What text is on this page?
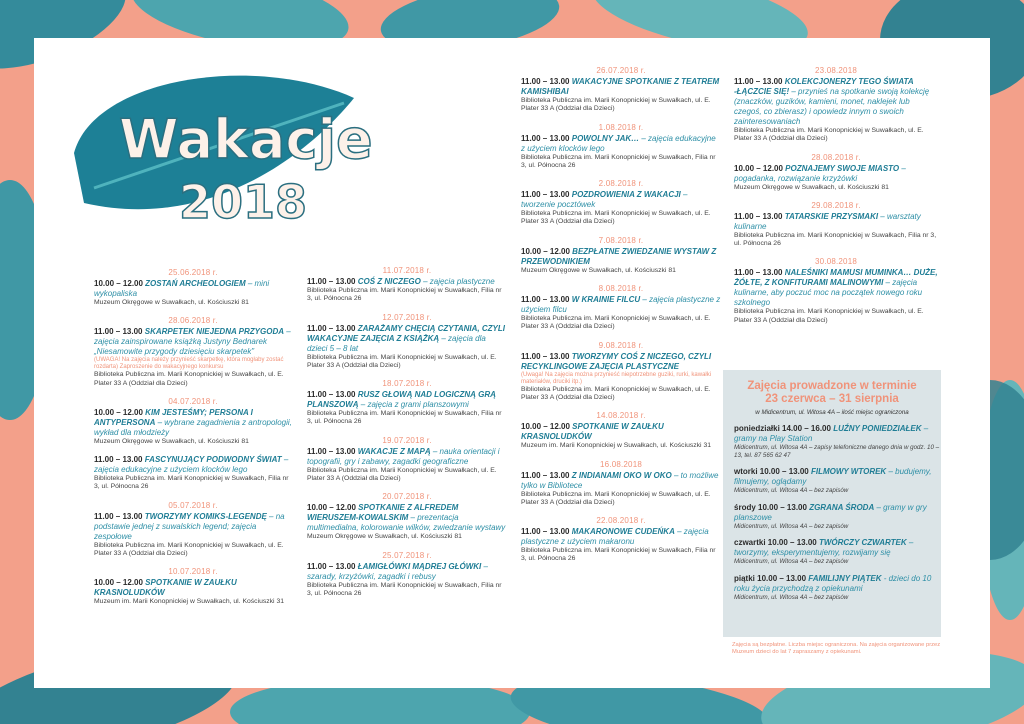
Wakacje
2018
25.06.2018 r.
10.00 – 12.00 ZOSTAŃ ARCHEOLOGIEM – mini wykopaliska
Muzeum Okręgowe w Suwałkach, ul. Kościuszki 81
28.06.2018 r.
11.00 – 13.00 SKARPETEK NIEJEDNA PRZYGODA – zajęcia zainspirowane książką Justyny Bednarek „Niesamowite przygody dziesięciu skarpetek”
(UWAGA! Na zajęcia należy przynieść skarpetkę, która mogłaby zostać rozdarta) Zaproszenie do wakacyjnego konkursu
Biblioteka Publiczna im. Marii Konopnickiej w Suwałkach, ul. E. Plater 33 A (Oddział dla Dzieci)
04.07.2018 r.
10.00 – 12.00 KIM JESTEŚMY; PERSONA I ANTYPERSONA – wybrane zagadnienia z antropologii, wykład dla młodzieży
Muzeum Okręgowe w Suwałkach, ul. Kościuszki 81
11.00 – 13.00 FASCYNUJĄCY PODWODNY ŚWIAT – zajęcia edukacyjne z użyciem klocków lego
Biblioteka Publiczna im. Marii Konopnickiej w Suwałkach, Filia nr 3, ul. Północna 26
05.07.2018 r.
11.00 – 13.00 TWORZYMY KOMIKS-LEGENDĘ – na podstawie jednej z suwalskich legend; zajęcia zespołowe
Biblioteka Publiczna im. Marii Konopnickiej w Suwałkach, ul. E. Plater 33 A (Oddział dla Dzieci)
10.07.2018 r.
10.00 – 12.00 SPOTKANIE W ZAUŁKU KRASNOLUDKÓW
Muzeum im. Marii Konopnickiej w Suwałkach, ul. Kościuszki 31
11.07.2018 r.
11.00 – 13.00 COŚ Z NICZEGO – zajęcia plastyczne
Biblioteka Publiczna im. Marii Konopnickiej w Suwałkach, Filia nr 3, ul. Północna 26
12.07.2018 r.
11.00 – 13.00 ZARAŻAMY CHĘCIĄ CZYTANIA, CZYLI WAKACYJNE ZAJĘCIA Z KSIĄŻKĄ – zajęcia dla dzieci 5 – 8 lat
Biblioteka Publiczna im. Marii Konopnickiej w Suwałkach, ul. E. Plater 33 A (Oddział dla Dzieci)
18.07.2018 r.
11.00 – 13.00 RUSZ GŁOWĄ NAD LOGICZNĄ GRĄ PLANSZOWĄ – zajęcia z grami planszowymi
Biblioteka Publiczna im. Marii Konopnickiej w Suwałkach, Filia nr 3, ul. Północna 26
19.07.2018 r.
11.00 – 13.00 WAKACJE Z MAPĄ – nauka orientacji i topografii, gry i zabawy, zagadki geograficzne
Biblioteka Publiczna im. Marii Konopnickiej w Suwałkach, ul. E. Plater 33 A (Oddział dla Dzieci)
20.07.2018 r.
10.00 – 12.00 SPOTKANIE Z ALFREDEM WIERUSZEM-KOWALSKIM – prezentacja multimedialna, kolorowanie wilków, zwiedzanie wystawy
Muzeum Okręgowe w Suwałkach, ul. Kościuszki 81
25.07.2018 r.
11.00 – 13.00 ŁAMIGŁÓWKI MĄDREJ GŁÓWKI – szarady, krzyżówki, zagadki i rebusy
Biblioteka Publiczna im. Marii Konopnickiej w Suwałkach, Filia nr 3, ul. Północna 26
26.07.2018 r.
11.00 – 13.00 WAKACYJNE SPOTKANIE Z TEATREM KAMISHIBAI
Biblioteka Publiczna im. Marii Konopnickiej w Suwałkach, ul. E. Plater 33 A (Oddział dla Dzieci)
1.08.2018 r.
11.00 – 13.00 POWOLNY JAK… – zajęcia edukacyjne z użyciem klocków lego
Biblioteka Publiczna im. Marii Konopnickiej w Suwałkach, Filia nr 3, ul. Północna 26
2.08.2018 r.
11.00 – 13.00 POZDROWIENIA Z WAKACJI – tworzenie pocztówek
Biblioteka Publiczna im. Marii Konopnickiej w Suwałkach, ul. E. Plater 33 A (Oddział dla Dzieci)
7.08.2018 r.
10.00 – 12.00 BEZPŁATNE ZWIEDZANIE WYSTAW Z PRZEWODNIKIEM
Muzeum Okręgowe w Suwałkach, ul. Kościuszki 81
8.08.2018 r.
11.00 – 13.00 W KRAINIE FILCU – zajęcia plastyczne z użyciem filcu
Biblioteka Publiczna im. Marii Konopnickiej w Suwałkach, ul. E. Plater 33 A (Oddział dla Dzieci)
9.08.2018 r.
11.00 – 13.00 TWORZYMY COŚ Z NICZEGO, CZYLI RECYKLINGOWE ZAJĘCIA PLASTYCZNE
(Uwaga! Na zajęcia można przynieść niepotrzebne guziki, rurki, kawałki materiałów, druciki itp.)
Biblioteka Publiczna im. Marii Konopnickiej w Suwałkach, ul. E. Plater 33 A (Oddział dla Dzieci)
14.08.2018 r.
10.00 – 12.00 SPOTKANIE W ZAUŁKU KRASNOLUDKÓW
Muzeum im. Marii Konopnickiej w Suwałkach, ul. Kościuszki 31
16.08.2018
11.00 – 13.00 Z INDIANAMI OKO W OKO – to możliwe tylko w Bibliotece
Biblioteka Publiczna im. Marii Konopnickiej w Suwałkach, ul. E. Plater 33 A (Oddział dla Dzieci)
22.08.2018 r.
11.00 – 13.00 MAKARONOWE CUDEŃKA – zajęcia plastyczne z użyciem makaronu
Biblioteka Publiczna im. Marii Konopnickiej w Suwałkach, Filia nr 3, ul. Północna 26
23.08.2018
11.00 – 13.00 KOLEKCJONERZY TEGO ŚWIATA -ŁĄCZCIE SIĘ! – przynieś na spotkanie swoją kolekcję (znaczków, guzików, kamieni, monet, naklejek lub czegoś, co zbierasz) i opowiedz innym o swoich zainteresowaniach
Biblioteka Publiczna im. Marii Konopnickiej w Suwałkach, ul. E. Plater 33 A (Oddział dla Dzieci)
28.08.2018 r.
10.00 – 12.00 POZNAJEMY SWOJE MIASTO – pogadanka, rozwiązanie krzyżówki
Muzeum Okręgowe w Suwałkach, ul. Kościuszki 81
29.08.2018 r.
11.00 – 13.00 TATARSKIE PRZYSMAKI – warsztaty kulinarne
Biblioteka Publiczna im. Marii Konopnickiej w Suwałkach, Filia nr 3, ul. Północna 26
30.08.2018
11.00 – 13.00 NALEŚNIKI MAMUSI MUMINKA… DUŻE, ŻÓŁTE, Z KONFITURAMI MALINOWYMI – zajęcia kulinarne, aby poczuć moc na początek nowego roku szkolnego
Biblioteka Publiczna im. Marii Konopnickiej w Suwałkach, ul. E. Plater 33 A (Oddział dla Dzieci)
Zajęcia prowadzone w terminie
23 czerwca – 31 sierpnia
w Midicentrum, ul. Witosa 4A – ilość miejsc ograniczona
poniedziałki 14.00 – 16.00 LUŹNY PONIEDZIAŁEK – gramy na Play Station
Midicentrum, ul. Witosa 4A – zapisy telefoniczne danego dnia w godz. 10 – 13, tel. 87 565 62 47
wtorki 10.00 – 13.00 FILMOWY WTOREK – budujemy, filmujemy, oglądamy
Midicentrum, ul. Witosa 4A – bez zapisów
środy 10.00 – 13.00 ZGRANA ŚRODA – gramy w gry planszowe
Midicentrum, ul. Witosa 4A – bez zapisów
czwartki 10.00 – 13.00 TWÓRCZY CZWARTEK – tworzymy, eksperymentujemy, rozwijamy się
Midicentrum, ul. Witosa 4A – bez zapisów
piątki 10.00 – 13.00 FAMILIJNY PIĄTEK - dzieci do 10 roku życia przychodzą z opiekunami
Midicentrum, ul. Witosa 4A – bez zapisów
Zajęcia są bezpłatne. Liczba miejsc ograniczona. Na zajęcia organizowane przez Muzeum dzieci do lat 7 zapraszamy z opiekunami.
